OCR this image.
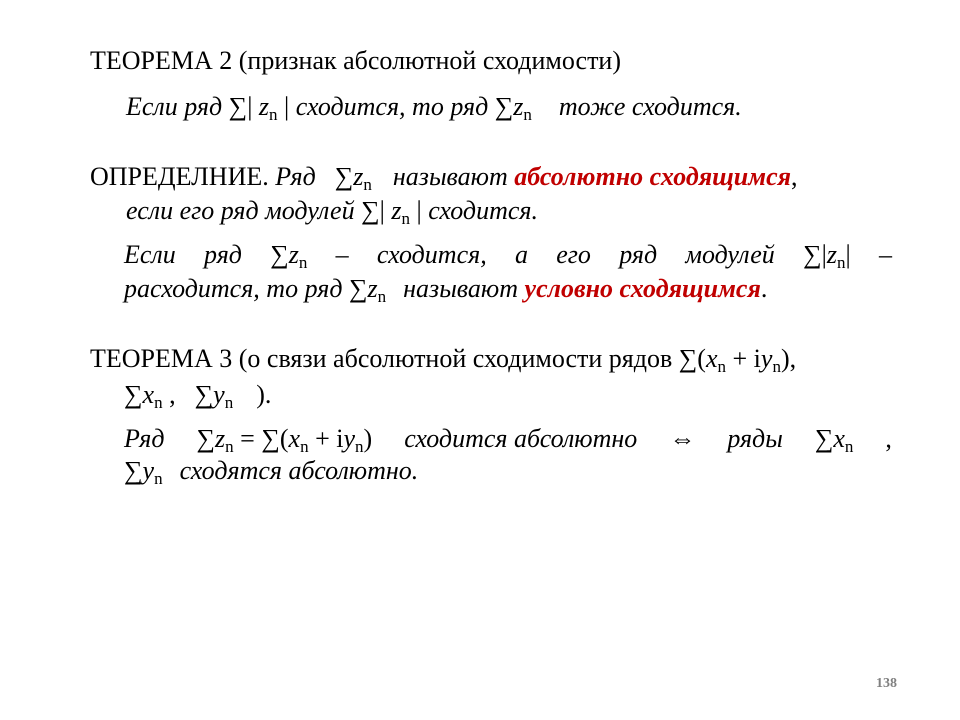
ТЕОРЕМА 2 (признак абсолютной сходимости)
Если ряд ∑| $z_n$ | сходится, то ряд $\sum z_n$ тоже сходится.
ОПРЕДЕЛНИЕ. Ряд $\sum z_n$ называют абсолютно сходящимся,
если его ряд модулей ∑| $z_n$ | сходится.
Если ряд $\sum z_n$ – сходится, а его ряд модулей $\sum|z_n|$ –
расходится, то ряд $\sum z_n$ называют условно сходящимся.
ТЕОРЕМА 3 (о связи абсолютной сходимости рядов $\sum(x_n + iy_n)$,
$\sum x_n$ , $\sum y_n$ ).
Ряд $\sum z_n = \sum(x_n + iy_n)$ сходится абсолютно ⇔ ряды $\sum x_n$ ,
$\sum y_n$ сходятся абсолютно.
138
